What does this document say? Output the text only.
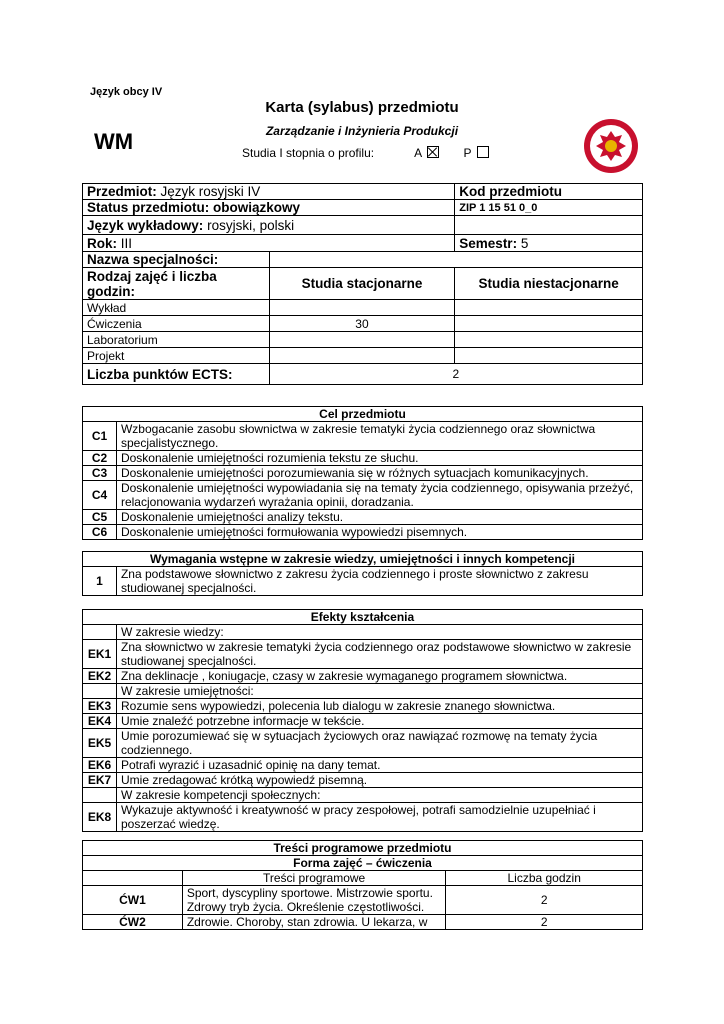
Język obcy IV
WM
Karta (sylabus) przedmiotu
Zarządzanie i Inżynieria Produkcji
Studia I stopnia o profilu:	A	P
Przedmiot: Język rosyjski IV		Kod przedmiotu
Status przedmiotu: obowiązkowy		ZIP 1 15 51 0_0
Język wykładowy: rosyjski, polski		
Rok: III		Semestr: 5
Nazwa specjalności:		
Rodzaj zajęć i liczba godzin:	Studia stacjonarne	Studia niestacjonarne
Wykład		
Ćwiczenia	30	
Laboratorium		
Projekt		
Liczba punktów ECTS:	2	
Cel przedmiotu	
C1	Wzbogacanie zasobu słownictwa w zakresie tematyki życia codziennego oraz słownictwa specjalistycznego.
C2	Doskonalenie umiejętności rozumienia tekstu ze słuchu.
C3	Doskonalenie umiejętności porozumiewania się w różnych sytuacjach komunikacyjnych.
C4	Doskonalenie umiejętności wypowiadania się na tematy życia codziennego, opisywania przeżyć, relacjonowania wydarzeń wyrażania opinii, doradzania.
C5	Doskonalenie umiejętności analizy tekstu.
C6	Doskonalenie umiejętności formułowania wypowiedzi pisemnych.
Wymagania wstępne w zakresie wiedzy, umiejętności i innych kompetencji
1	Zna podstawowe słownictwo z zakresu życia codziennego i proste słownictwo z zakresu studiowanej specjalności.
Efekty kształcenia	
	W zakresie wiedzy:
EK1	Zna słownictwo w zakresie tematyki życia codziennego oraz podstawowe słownictwo w zakresie studiowanej specjalności.
EK2	Zna deklinacje , koniugacje, czasy w zakresie wymaganego programem słownictwa.
	W zakresie umiejętności:
EK3	Rozumie sens wypowiedzi, polecenia lub dialogu w zakresie znanego słownictwa.
EK4	Umie znaleźć potrzebne informacje w tekście.
EK5	Umie porozumiewać się w sytuacjach życiowych oraz nawiązać rozmowę na tematy życia codziennego.
EK6	Potrafi wyrazić i uzasadnić opinię na dany temat.
EK7	Umie zredagować krótką wypowiedź pisemną.
	W zakresie kompetencji społecznych:
EK8	Wykazuje aktywność i kreatywność w pracy zespołowej, potrafi samodzielnie uzupełniać i poszerzać wiedzę.
Treści programowe przedmiotu		
Forma zajęć – ćwiczenia		
	Treści programowe	Liczba godzin
ĆW1	Sport, dyscypliny sportowe. Mistrzowie sportu. Zdrowy tryb życia. Określenie częstotliwości.	2
ĆW2	Zdrowie. Choroby, stan zdrowia. U lekarza, w	2
